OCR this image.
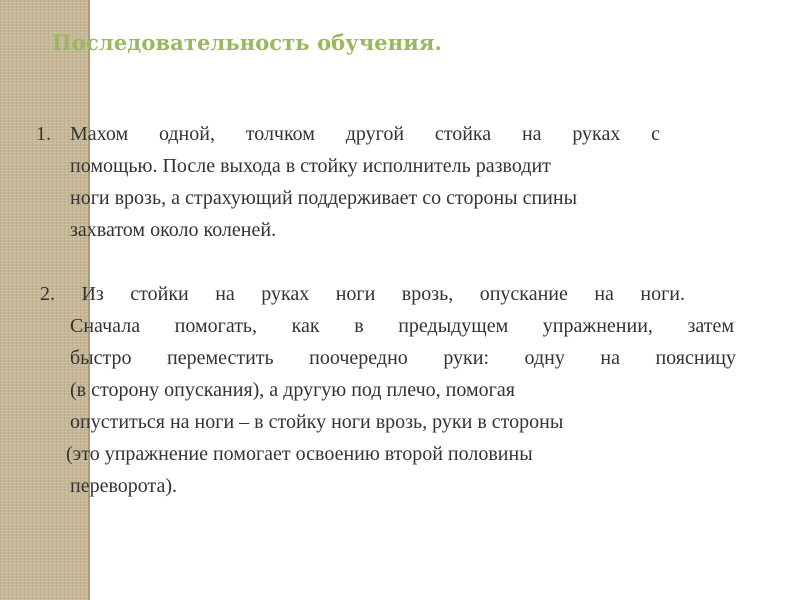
Последовательность обучения.
1. Махом одной, толчком другой стойка на руках с
помощью. После выхода в стойку исполнитель разводит
ноги врозь, а страхующий поддерживает со стороны спины
захватом около коленей.
2. Из стойки на руках ноги врозь, опускание на ноги.
Сначала помогать, как в предыдущем упражнении, затем
быстро переместить поочередно руки: одну на поясницу
(в сторону опускания), а другую под плечо, помогая
опуститься на ноги – в стойку ноги врозь, руки в стороны
(это упражнение помогает освоению второй половины
переворота).
